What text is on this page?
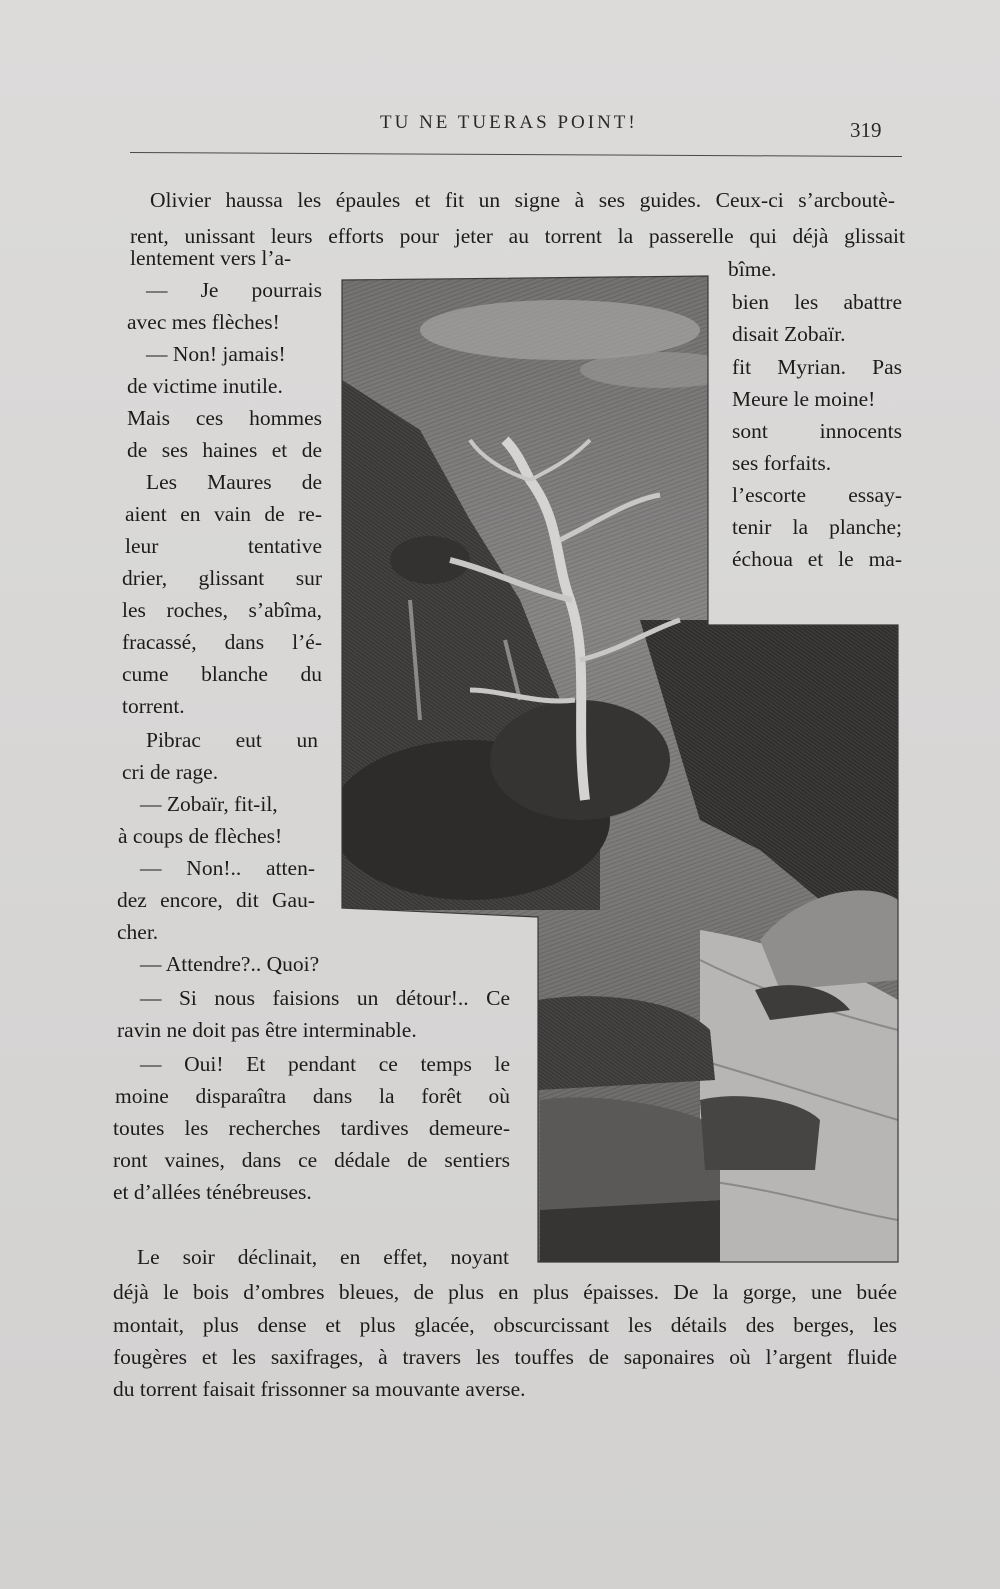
TU NE TUERAS POINT!	319
Olivier haussa les épaules et fit un signe à ses guides. Ceux-ci s’arcboutè-
rent, unissant leurs efforts pour jeter au torrent la passerelle qui déjà glissait
lentement vers l’a-
— Je pourrais
avec mes flèches!
— Non! jamais!
de victime inutile.
Mais ces hommes
de ses haines et de
Les Maures de
aient en vain de re-
leur tentative
drier, glissant sur
les roches, s’abîma,
fracassé, dans l’é-
cume blanche du
torrent.
Pibrac eut un
cri de rage.
— Zobaïr, fit-il,
à coups de flèches!
— Non!.. atten-
dez encore, dit Gau-
cher.
bîme.
bien les abattre
disait Zobaïr.
fit Myrian. Pas
Meure le moine!
sont innocents
ses forfaits.
l’escorte essay-
tenir la planche;
échoua et le ma-
— Attendre?.. Quoi?
— Si nous faisions un détour!.. Ce
ravin ne doit pas être interminable.
— Oui! Et pendant ce temps le
moine disparaîtra dans la forêt où
toutes les recherches tardives demeure-
ront vaines, dans ce dédale de sentiers
et d’allées ténébreuses.
Le soir déclinait, en effet, noyant
déjà le bois d’ombres bleues, de plus en plus épaisses. De la gorge, une buée
montait, plus dense et plus glacée, obscurcissant les détails des berges, les
fougères et les saxifrages, à travers les touffes de saponaires où l’argent fluide
du torrent faisait frissonner sa mouvante averse.
